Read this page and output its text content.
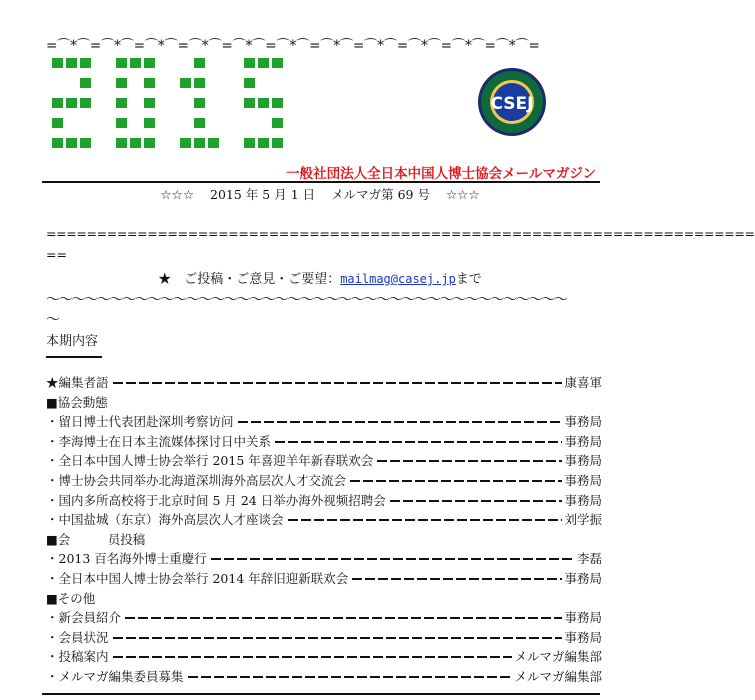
=⌒*⌒=⌒*⌒=⌒*⌒=⌒*⌒=⌒*⌒=⌒*⌒=⌒*⌒=⌒*⌒=⌒*⌒=⌒*⌒=⌒*⌒=
CSEJ
一般社団法人全日本中国人博士協会メールマガジン
☆☆☆ 2015 年 5 月 1 日 メルマガ第 69 号 ☆☆☆
======================================================================
==
★　ご投稿・ご意見・ご要望：mailmag@casej.jpまで
～～～～～～～～～～～～～～～～～～～～～～～～～～～～～～～～～～～～～～～～～
～
本期内容
★編集者語	康喜軍
■協会動態
・留日博士代表团赴深圳考察访问	事務局
・李海博士在日本主流媒体探讨日中关系	事務局
・全日本中国人博士协会举行 2015 年喜迎羊年新春联欢会	事務局
・博士协会共同举办北海道深圳海外高层次人才交流会	事務局
・国内多所高校将于北京时间 5 月 24 日举办海外视频招聘会	事務局
・中国盐城（东京）海外高层次人才座谈会	刘学振
■会　　　员投稿
・2013 百名海外博士重慶行	李磊
・全日本中国人博士协会举行 2014 年辞旧迎新联欢会	事務局
■その他
・新会員紹介	事務局
・会員状況	事務局
・投稿案内	メルマガ編集部
・メルマガ編集委員募集	メルマガ編集部
